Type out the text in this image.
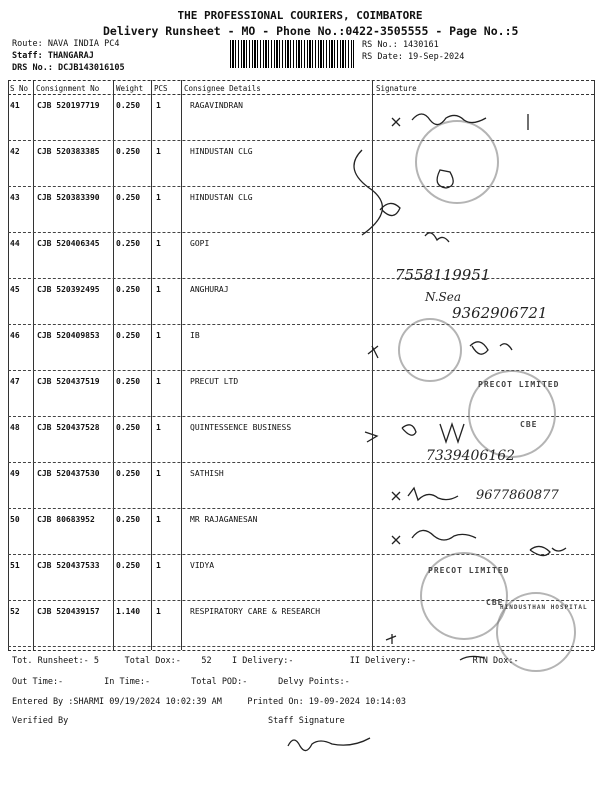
THE PROFESSIONAL COURIERS, COIMBATORE
Delivery Runsheet - MO - Phone No.:0422-3505555 - Page No.:5
Route: NAVA INDIA PC4
Staff: THANGARAJ
DRS No.: DCJB143016105
RS No.: 1430161
RS Date: 19-Sep-2024
S No Consignment No Weight PCS Consignee Details	Signature
41 CJB 520197719 0.250 1	RAGAVINDRAN
42 CJB 520383385 0.250 1	HINDUSTAN CLG
43 CJB 520383390 0.250 1	HINDUSTAN CLG
44 CJB 520406345 0.250 1	GOPI
45 CJB 520392495 0.250 1	ANGHURAJ
46 CJB 520409853 0.250 1	IB
47 CJB 520437519 0.250 1	PRECUT LTD
48 CJB 520437528 0.250 1	QUINTESSENCE BUSINESS
49 CJB 520437530 0.250 1	SATHISH
50 CJB 80683952	0.250 1	MR RAJAGANESAN
51 CJB 520437533 0.250 1	VIDYA
52 CJB 520439157 1.140 1	RESPIRATORY CARE & RESEARCH
PRECOT LIMITED
CBE
PRECOT LIMITED
CBE
HINDUSTHAN HOSPITAL
7558119951
N.Sea
9362906721
7339406162
9677860877
Tot. Runsheet:- 5     Total Dox:-    52    I Delivery:-           II Delivery:-           RTN Dox:-
Out Time:-        In Time:-        Total POD:-      Delvy Points:-
Entered By :SHARMI 09/19/2024 10:02:39 AM     Printed On: 19-09-2024 10:14:03
Verified By	Staff Signature
